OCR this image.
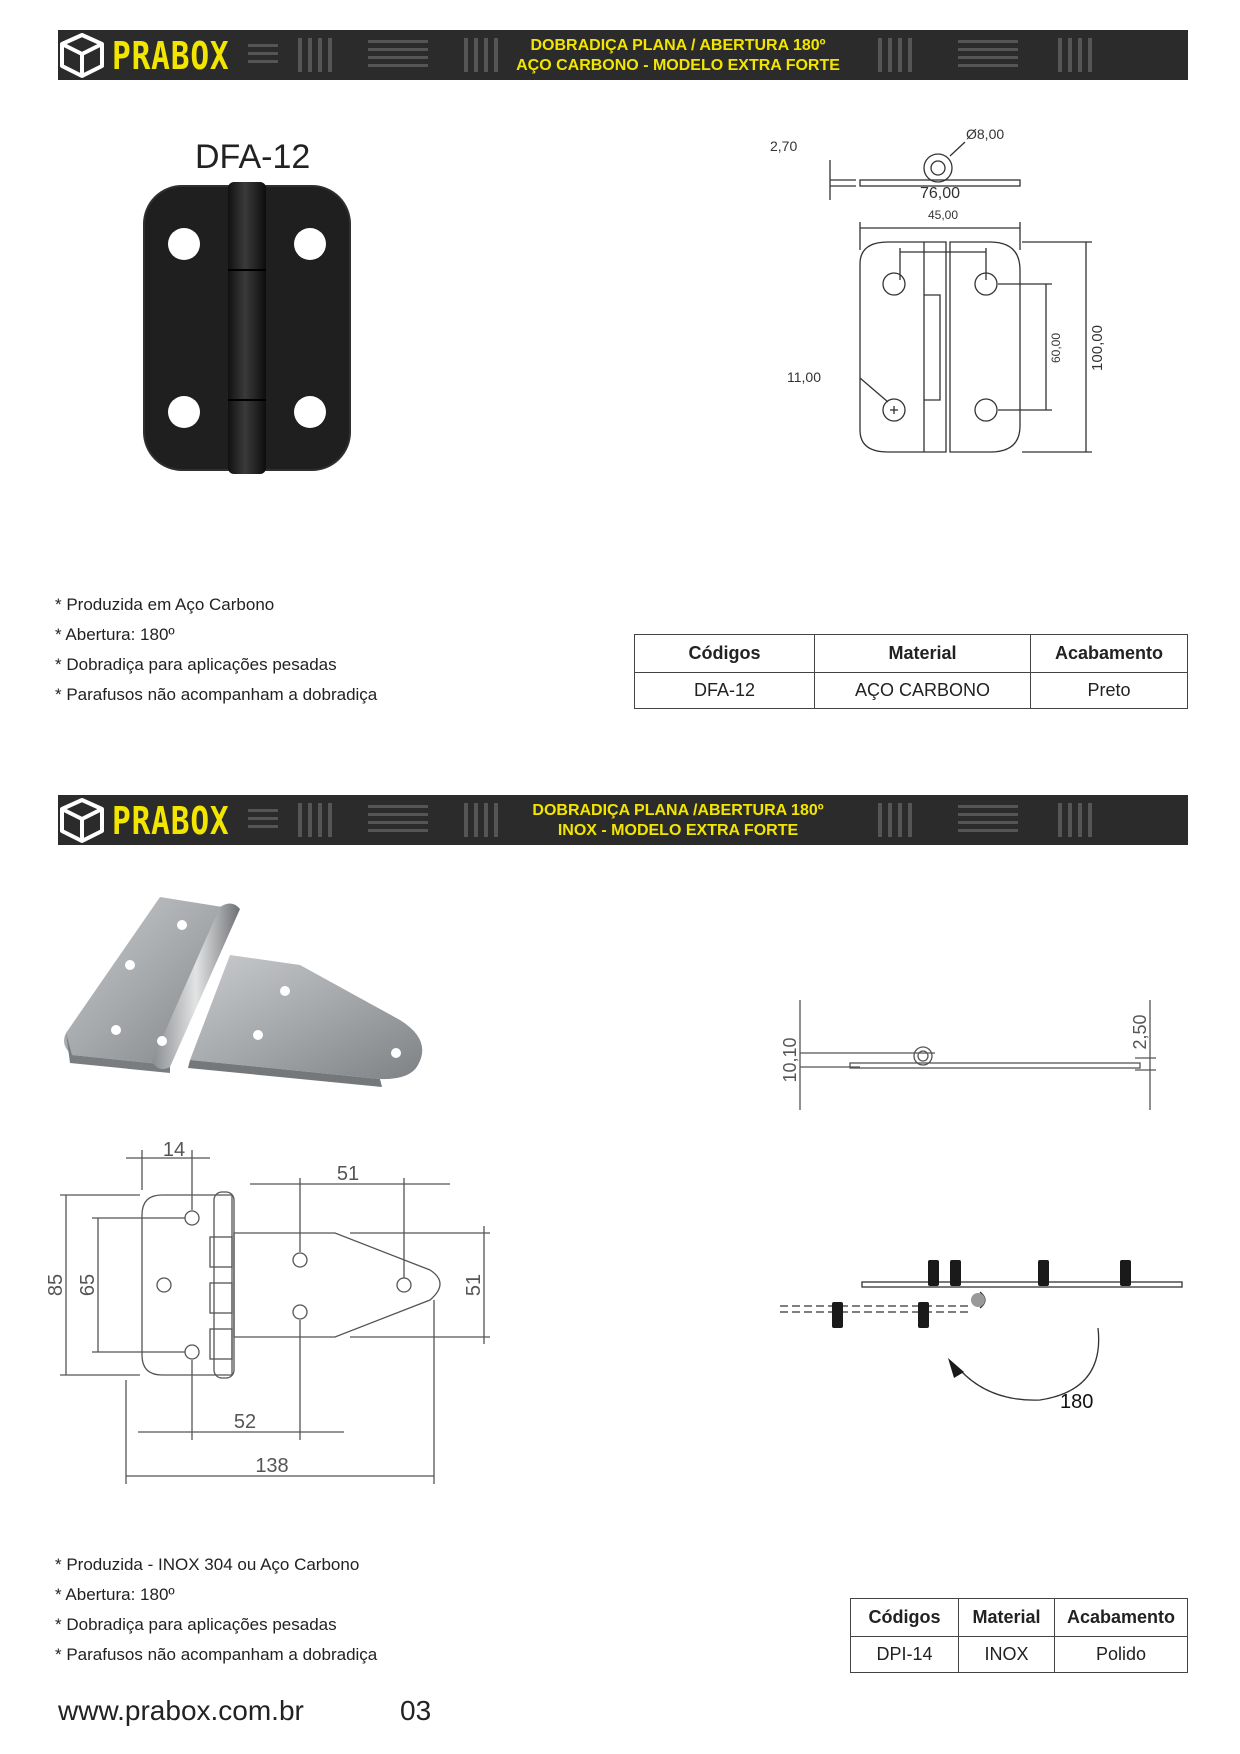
PRABOX	DOBRADIÇA PLANA / ABERTURA 180º
AÇO CARBONO - MODELO EXTRA FORTE
DFA-12	2,70
Ø8,00
76,00
45,00
60,00 100,00
11,00
* Produzida em Aço Carbono
* Abertura: 180º
* Dobradiça para aplicações pesadas
* Parafusos não acompanham a dobradiça
Códigos	Material	Acabamento
DFA-12	AÇO CARBONO	Preto
PRABOX	DOBRADIÇA PLANA /ABERTURA 180º
INOX - MODELO EXTRA FORTE
10,10
2,50
14
51
85 65	51
52
138
180
* Produzida - INOX 304 ou Aço Carbono
* Abertura: 180º
* Dobradiça para aplicações pesadas
* Parafusos não acompanham a dobradiça
Códigos	Material	Acabamento
DPI-14	INOX	Polido
www.prabox.com.br	03
